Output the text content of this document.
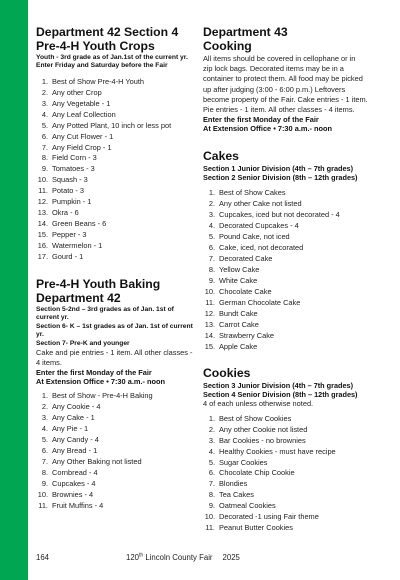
Department 42 Section 4
Pre-4-H Youth Crops
Youth - 3rd grade as of Jan.1st of the current yr.
Enter Friday and Saturday before the Fair
1. Best of Show Pre-4-H Youth
2. Any other Crop
3. Any Vegetable - 1
4. Any Leaf Collection
5. Any Potted Plant, 10 inch or less pot
6. Any Cut Flower - 1
7. Any Field Crop - 1
8. Field Corn - 3
9. Tomatoes - 3
10. Squash - 3
11. Potato - 3
12. Pumpkin - 1
13. Okra - 6
14. Green Beans - 6
15. Pepper - 3
16. Watermelon - 1
17. Gourd - 1
Pre-4-H Youth Baking
Department 42
Section 5-2nd – 3rd grades as of Jan. 1st of current yr.
Section 6- K – 1st grades as of Jan. 1st of current yr.
Section 7- Pre-K and younger
Cake and pie entries - 1 item. All other classes -
4 items.
Enter the first Monday of the Fair
At Extension Office • 7:30 a.m.- noon
1. Best of Show - Pre-4-H Baking
2. Any Cookie - 4
3. Any Cake - 1
4. Any Pie - 1
5. Any Candy - 4
6. Any Bread - 1
7. Any Other Baking not listed
8. Cornbread - 4
9. Cupcakes - 4
10. Brownies - 4
11. Fruit Muffins - 4
Department 43
Cooking
All items should be covered in cellophane or in
zip lock bags. Decorated items may be in a
container to protect them. All food may be picked
up after judging (3:00 - 6:00 p.m.) Leftovers
become property of the Fair. Cake entries - 1 item.
Pie entries - 1 item. All other classes - 4 items.
Enter the first Monday of the Fair
At Extension Office • 7:30 a.m.- noon
Cakes
Section 1 Junior Division (4th – 7th grades)
Section 2 Senior Division (8th – 12th grades)
1. Best of Show Cakes
2. Any other Cake not listed
3. Cupcakes, iced but not decorated - 4
4. Decorated Cupcakes - 4
5. Pound Cake, not iced
6. Cake, iced, not decorated
7. Decorated Cake
8. Yellow Cake
9. White Cake
10. Chocolate Cake
11. German Chocolate Cake
12. Bundt Cake
13. Carrot Cake
14. Strawberry Cake
15. Apple Cake
Cookies
Section 3 Junior Division (4th – 7th grades)
Section 4 Senior Division (8th – 12th grades)
4 of each unless otherwise noted.
1. Best of Show Cookies
2. Any other Cookie not listed
3. Bar Cookies - no brownies
4. Healthy Cookies - must have recipe
5. Sugar Cookies
6. Chocolate Chip Cookie
7. Blondies
8. Tea Cakes
9. Oatmeal Cookies
10. Decorated -1 using Fair theme
11. Peanut Butter Cookies
164	120th Lincoln County Fair 2025
